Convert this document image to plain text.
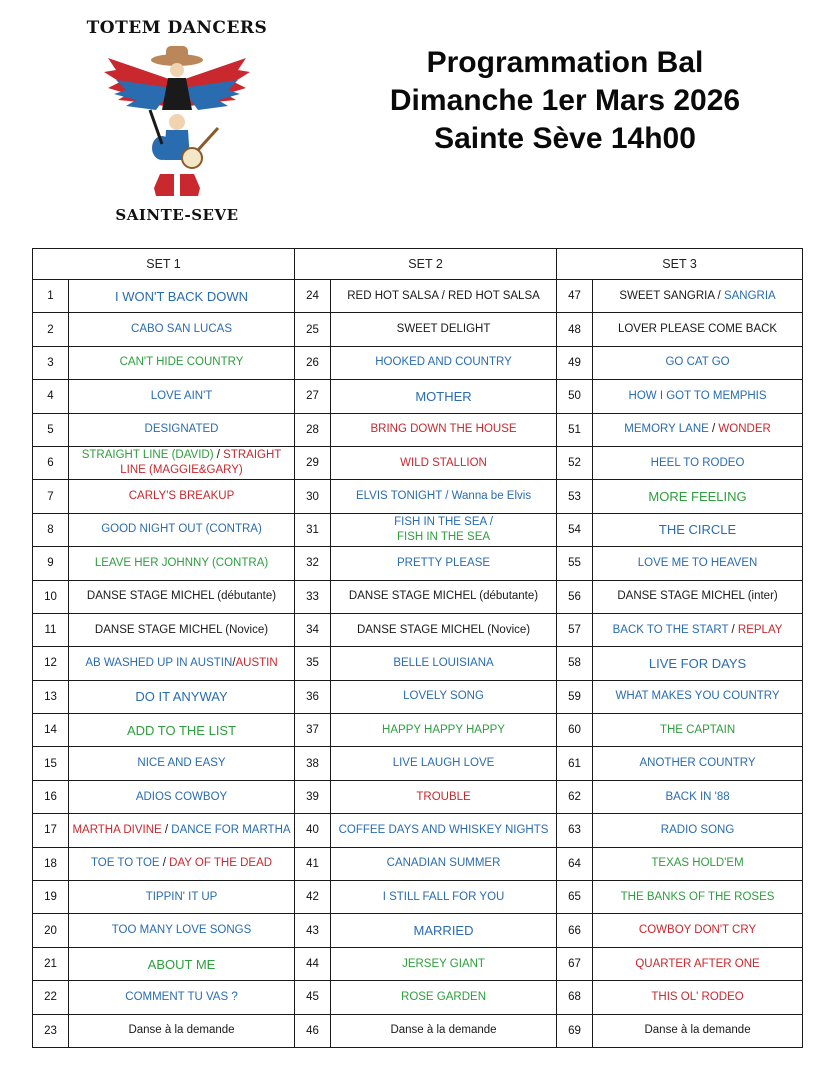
TOTEM DANCERS
SAINTE-SEVE
Programmation Bal
Dimanche 1er Mars 2026
Sainte Sève 14h00
SET 1		SET 2		SET 3	
1	I WON'T BACK DOWN	24	RED HOT SALSA / RED HOT SALSA	47	SWEET SANGRIA / SANGRIA
2	CABO SAN LUCAS	25	SWEET DELIGHT	48	LOVER PLEASE COME BACK
3	CAN'T HIDE COUNTRY	26	HOOKED AND COUNTRY	49	GO CAT GO
4	LOVE AIN'T	27	MOTHER	50	HOW I GOT TO MEMPHIS
5	DESIGNATED	28	BRING DOWN THE HOUSE	51	MEMORY LANE / WONDER
6	STRAIGHT LINE (DAVID) / STRAIGHT LINE (MAGGIE&GARY)	29	WILD STALLION	52	HEEL TO RODEO
7	CARLY'S BREAKUP	30	ELVIS TONIGHT / Wanna be Elvis	53	MORE FEELING
8	GOOD NIGHT OUT (CONTRA)	31	FISH IN THE SEA /
FISH IN THE SEA	54	THE CIRCLE
9	LEAVE HER JOHNNY (CONTRA)	32	PRETTY PLEASE	55	LOVE ME TO HEAVEN
10	DANSE STAGE MICHEL (débutante)	33	DANSE STAGE MICHEL (débutante)	56	DANSE STAGE MICHEL (inter)
11	DANSE STAGE MICHEL (Novice)	34	DANSE STAGE MICHEL (Novice)	57	BACK TO THE START / REPLAY
12	AB WASHED UP IN AUSTIN/AUSTIN	35	BELLE LOUISIANA	58	LIVE FOR DAYS
13	DO IT ANYWAY	36	LOVELY SONG	59	WHAT MAKES YOU COUNTRY
14	ADD TO THE LIST	37	HAPPY HAPPY HAPPY	60	THE CAPTAIN
15	NICE AND EASY	38	LIVE LAUGH LOVE	61	ANOTHER COUNTRY
16	ADIOS COWBOY	39	TROUBLE	62	BACK IN '88
17	MARTHA DIVINE / DANCE FOR MARTHA	40	COFFEE DAYS AND WHISKEY NIGHTS	63	RADIO SONG
18	TOE TO TOE / DAY OF THE DEAD	41	CANADIAN SUMMER	64	TEXAS HOLD'EM
19	TIPPIN' IT UP	42	I STILL FALL FOR YOU	65	THE BANKS OF THE ROSES
20	TOO MANY LOVE SONGS	43	MARRIED	66	COWBOY DON'T CRY
21	ABOUT ME	44	JERSEY GIANT	67	QUARTER AFTER ONE
22	COMMENT TU VAS ?	45	ROSE GARDEN	68	THIS OL' RODEO
23	Danse à la demande	46	Danse à la demande	69	Danse à la demande
